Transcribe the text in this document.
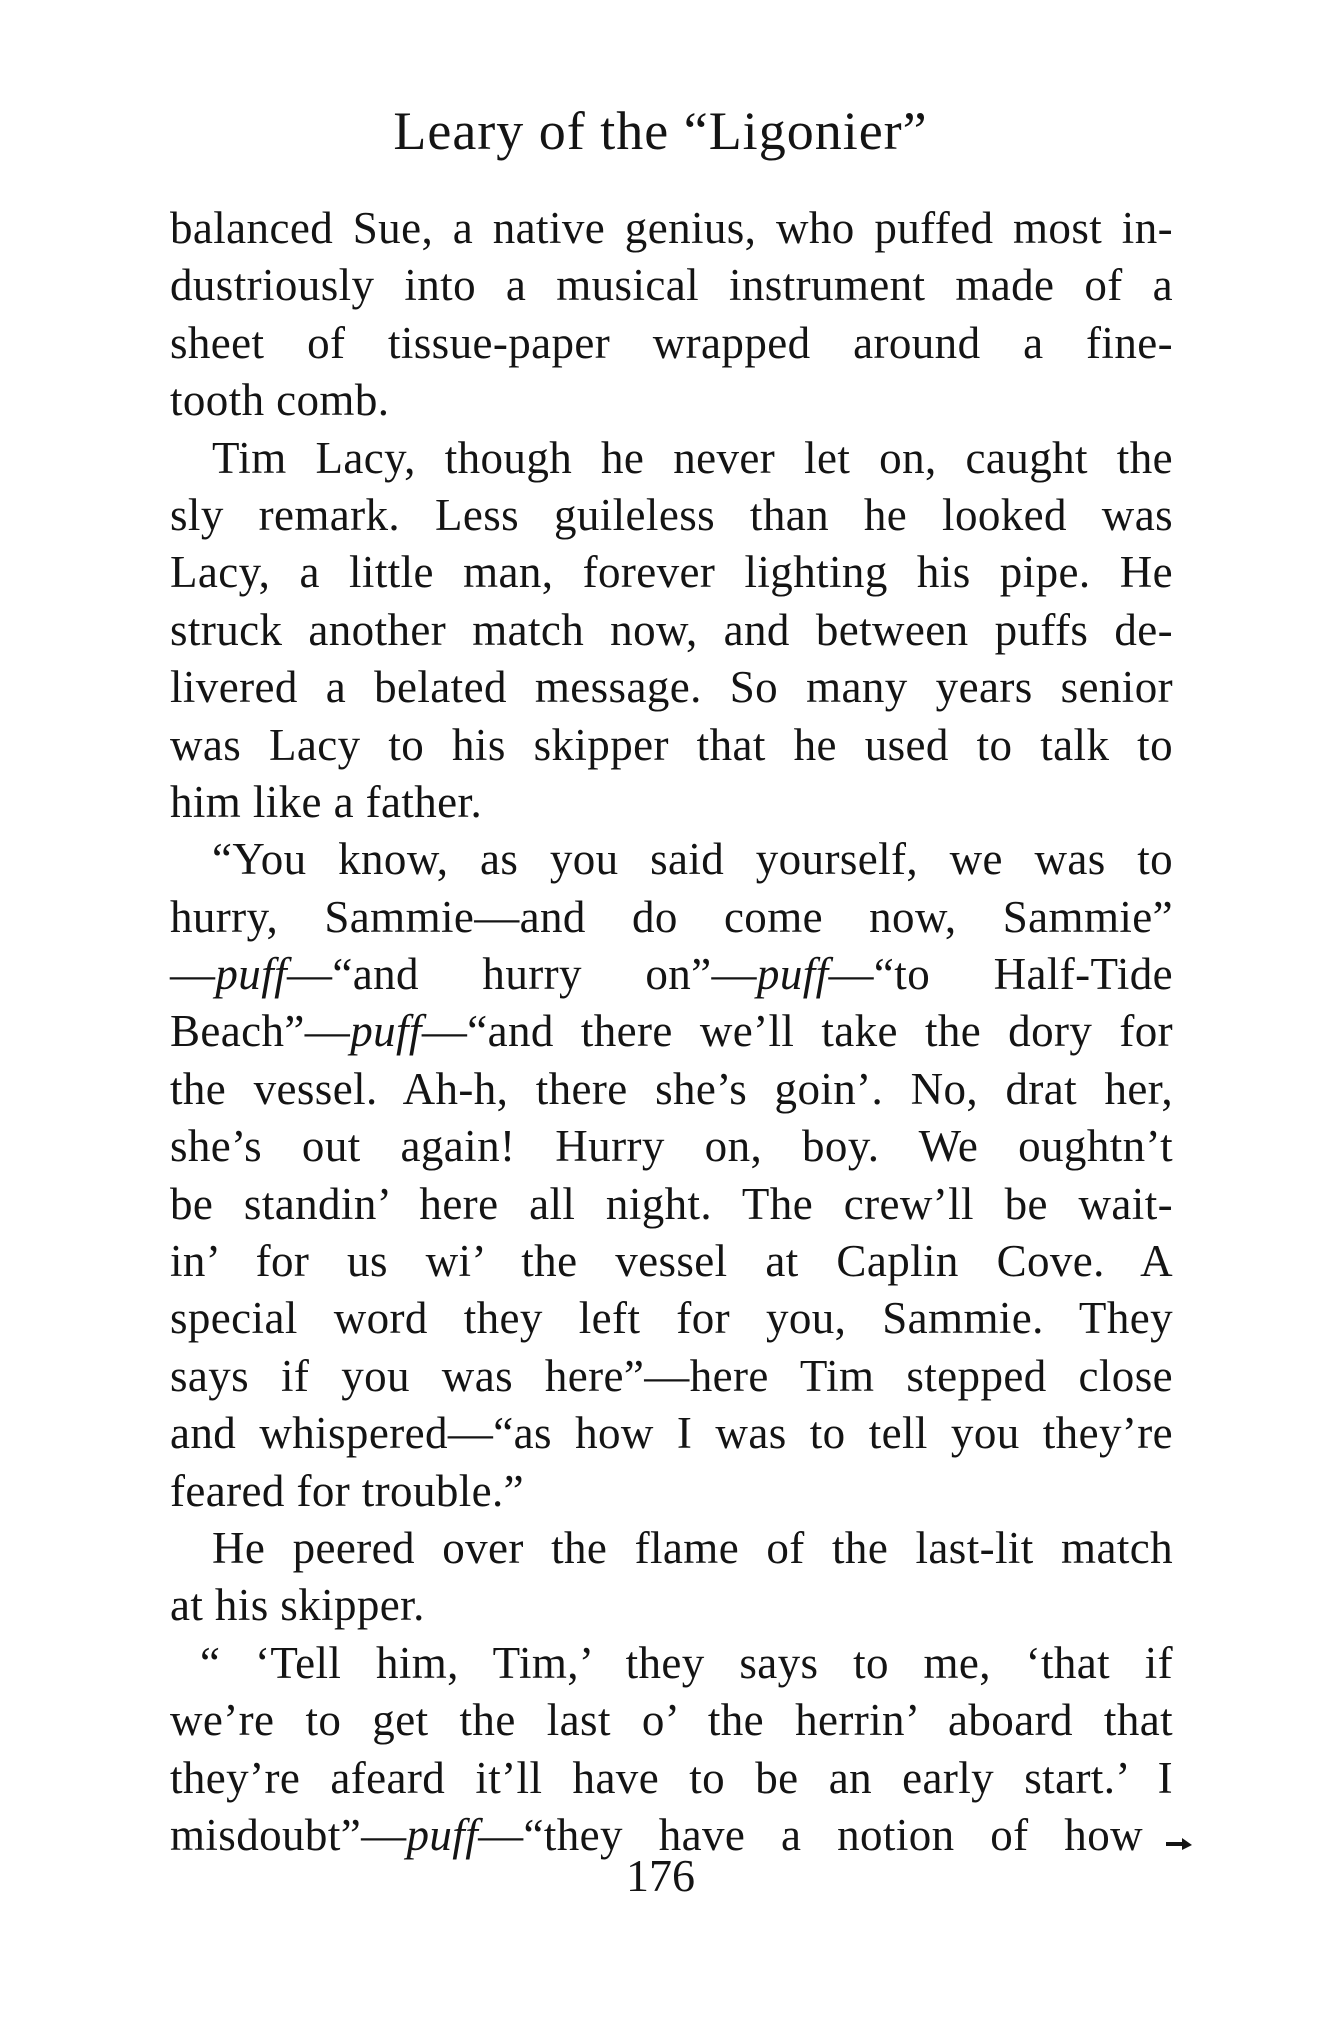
Leary of the “Ligonier”
balanced Sue, a native genius, who puffed most in-
dustriously into a musical instrument made of a
sheet of tissue-paper wrapped around a fine-
tooth comb.
Tim Lacy, though he never let on, caught the
sly remark. Less guileless than he looked was
Lacy, a little man, forever lighting his pipe. He
struck another match now, and between puffs de-
livered a belated message. So many years senior
was Lacy to his skipper that he used to talk to
him like a father.
“You know, as you said yourself, we was to
hurry, Sammie—and do come now, Sammie”
—puff—“and hurry on”—puff—“to Half-Tide
Beach”—puff—“and there we’ll take the dory for
the vessel. Ah-h, there she’s goin’. No, drat her,
she’s out again! Hurry on, boy. We oughtn’t
be standin’ here all night. The crew’ll be wait-
in’ for us wi’ the vessel at Caplin Cove. A
special word they left for you, Sammie. They
says if you was here”—here Tim stepped close
and whispered—“as how I was to tell you they’re
feared for trouble.”
He peered over the flame of the last-lit match
at his skipper.
“ ‘Tell him, Tim,’ they says to me, ‘that if
we’re to get the last o’ the herrin’ aboard that
they’re afeard it’ll have to be an early start.’ I
misdoubt”—puff—“they have a notion of how
176
